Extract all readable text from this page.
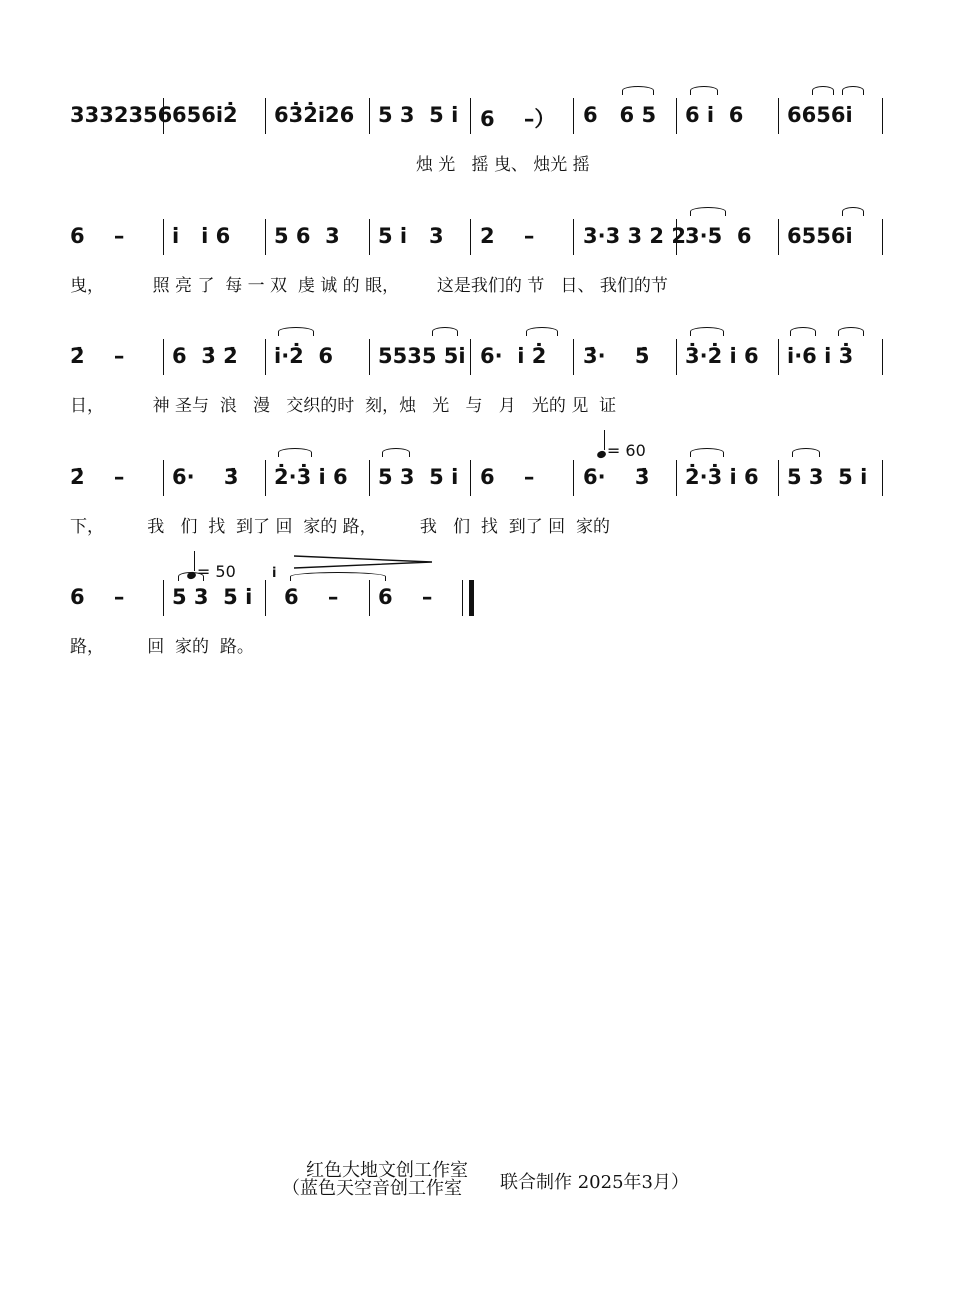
3332356 656i̇2̇ 63̇2̇i̇26 5 3  5 i̇ 6    –） 6   6 5 6 i̇  6 6656i̇
烛 光   摇 曳、 烛光 摇
6    – i̇   i̇ 6 5 6  3 5 i̇   3 2    – 3·3 3 2 2 3·5  6 6556i̇
曳，         照 亮 了  每 一 双  虔 诚 的 眼，       这是我们的 节   日、 我们的节
2̇    – 6  3̇ 2̇ i̇·2̇  6 5535 5i̇ 6·  i̇ 2̇ 3̇·    5̇ 3̇·2̇ i̇ 6 i̇·6 i̇ 3̇
日，         神 圣与  浪   漫   交织的时  刻，烛   光   与   月   光的 见  证

= 60

2̇    – 6·    3̇ 2̇·3̇ i̇ 6 5 3  5 i̇ 6    – 6·    3̇ 2̇·3̇ i̇ 6 5 3  5 i̇
下，        我   们  找  到了 回  家的 路，        我   们  找  到了 回  家的

= 50

6    – 5 3  5 i̇
i̇
6    – 6    –
路，        回  家的  路。
红色大地文创工作室
（蓝色天空音创工作室 联合制作 2025年3月）
